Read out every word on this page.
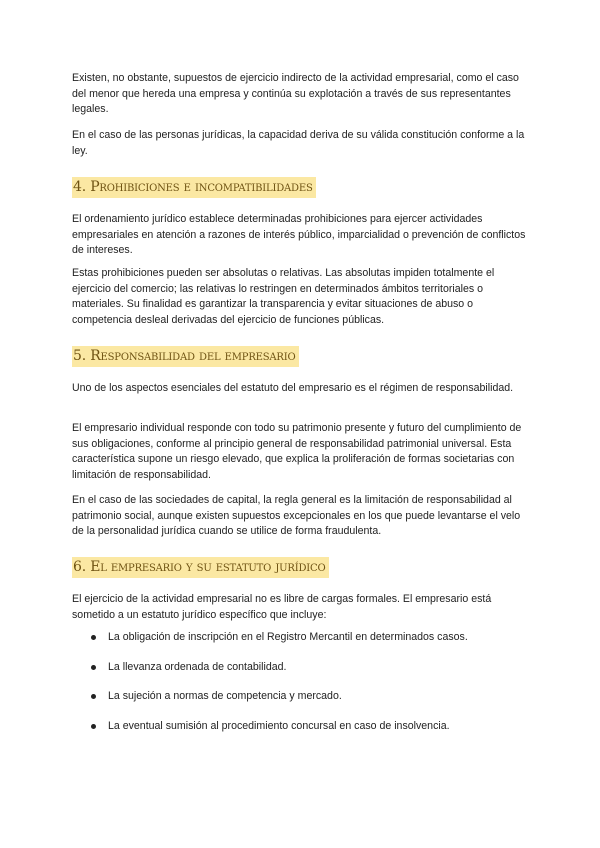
Existen, no obstante, supuestos de ejercicio indirecto de la actividad empresarial, como el caso del menor que hereda una empresa y continúa su explotación a través de sus representantes legales.

En el caso de las personas jurídicas, la capacidad deriva de su válida constitución conforme a la ley.

4. Prohibiciones e incompatibilidades

El ordenamiento jurídico establece determinadas prohibiciones para ejercer actividades empresariales en atención a razones de interés público, imparcialidad o prevención de conflictos de intereses.

Estas prohibiciones pueden ser absolutas o relativas. Las absolutas impiden totalmente el ejercicio del comercio; las relativas lo restringen en determinados ámbitos territoriales o materiales. Su finalidad es garantizar la transparencia y evitar situaciones de abuso o competencia desleal derivadas del ejercicio de funciones públicas.

5. Responsabilidad del empresario

Uno de los aspectos esenciales del estatuto del empresario es el régimen de responsabilidad.

El empresario individual responde con todo su patrimonio presente y futuro del cumplimiento de sus obligaciones, conforme al principio general de responsabilidad patrimonial universal. Esta característica supone un riesgo elevado, que explica la proliferación de formas societarias con limitación de responsabilidad.

En el caso de las sociedades de capital, la regla general es la limitación de responsabilidad al patrimonio social, aunque existen supuestos excepcionales en los que puede levantarse el velo de la personalidad jurídica cuando se utilice de forma fraudulenta.

6. El empresario y su estatuto jurídico

El ejercicio de la actividad empresarial no es libre de cargas formales. El empresario está sometido a un estatuto jurídico específico que incluye:

La obligación de inscripción en el Registro Mercantil en determinados casos.
La llevanza ordenada de contabilidad.
La sujeción a normas de competencia y mercado.
La eventual sumisión al procedimiento concursal en caso de insolvencia.
